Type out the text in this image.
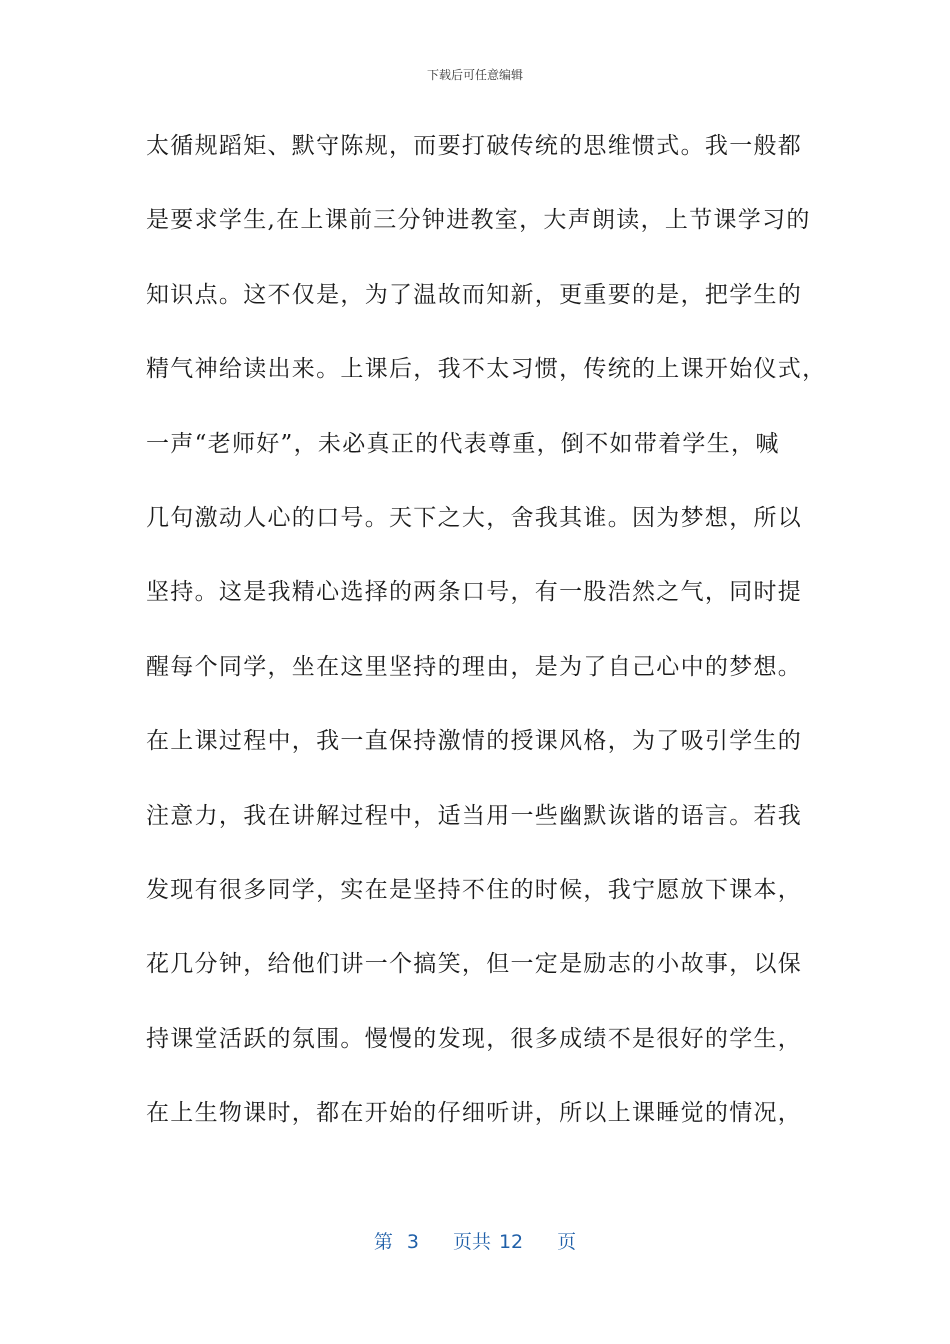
下载后可任意编辑
太循规蹈矩、默守陈规，而要打破传统的思维惯式。我一般都
是要求学生,在上课前三分钟进教室，大声朗读，上节课学习的
知识点。这不仅是，为了温故而知新，更重要的是，把学生的
精气神给读出来。上课后，我不太习惯，传统的上课开始仪式，
一声“老师好”，未必真正的代表尊重，倒不如带着学生，喊
几句激动人心的口号。天下之大，舍我其谁。因为梦想，所以
坚持。这是我精心选择的两条口号，有一股浩然之气，同时提
醒每个同学，坐在这里坚持的理由，是为了自己心中的梦想。
在上课过程中，我一直保持激情的授课风格，为了吸引学生的
注意力，我在讲解过程中，适当用一些幽默诙谐的语言。若我
发现有很多同学，实在是坚持不住的时候，我宁愿放下课本，
花几分钟，给他们讲一个搞笑，但一定是励志的小故事，以保
持课堂活跃的氛围。慢慢的发现，很多成绩不是很好的学生，
在上生物课时，都在开始的仔细听讲，所以上课睡觉的情况，
第 3 页共 12 页
